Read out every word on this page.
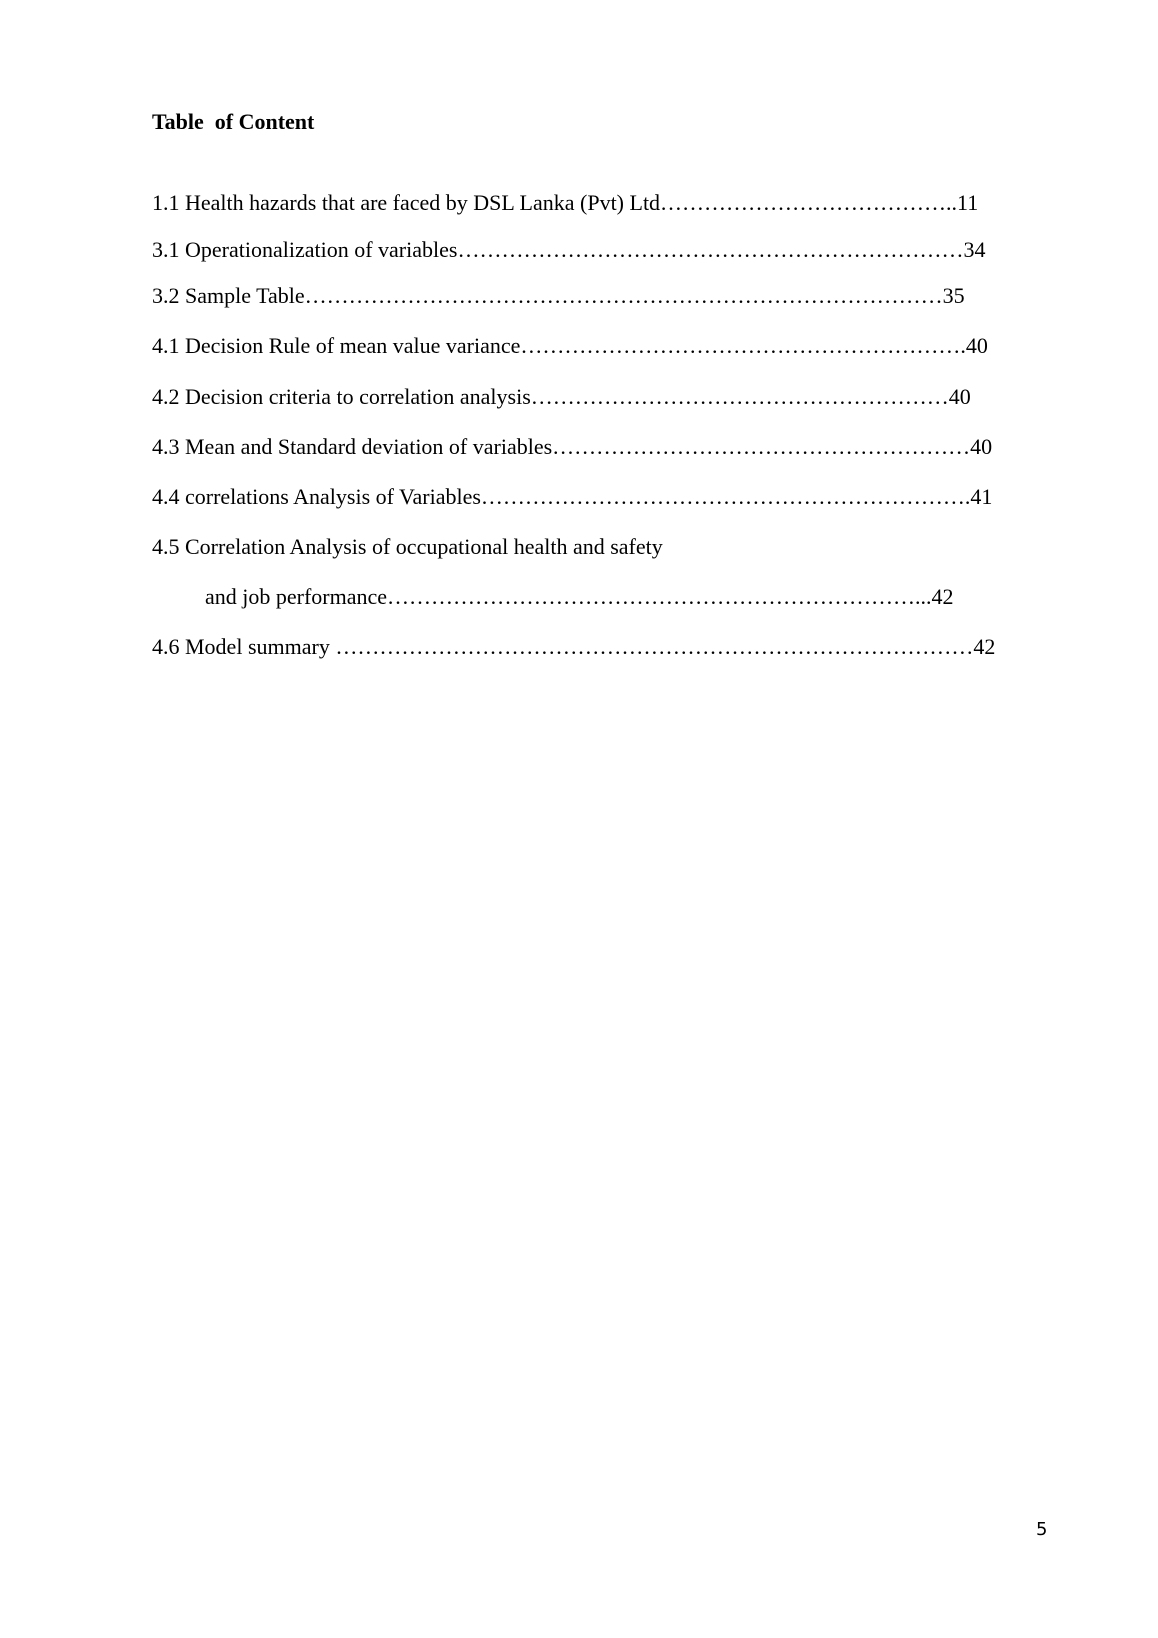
Table  of Content
1.1 Health hazards that are faced by DSL Lanka (Pvt) Ltd…………………………………..11
3.1 Operationalization of variables……………………………………………………………34
3.2 Sample Table……………………………………………………………………………35
4.1 Decision Rule of mean value variance…………………………………………………….40
4.2 Decision criteria to correlation analysis…………………………………………………40
4.3 Mean and Standard deviation of variables…………………………………………………40
4.4 correlations Analysis of Variables………………………………………………………….41
4.5 Correlation Analysis of occupational health and safety
and job performance………………………………………………………………...42
4.6 Model summary ……………………………………………………………………………42
5
